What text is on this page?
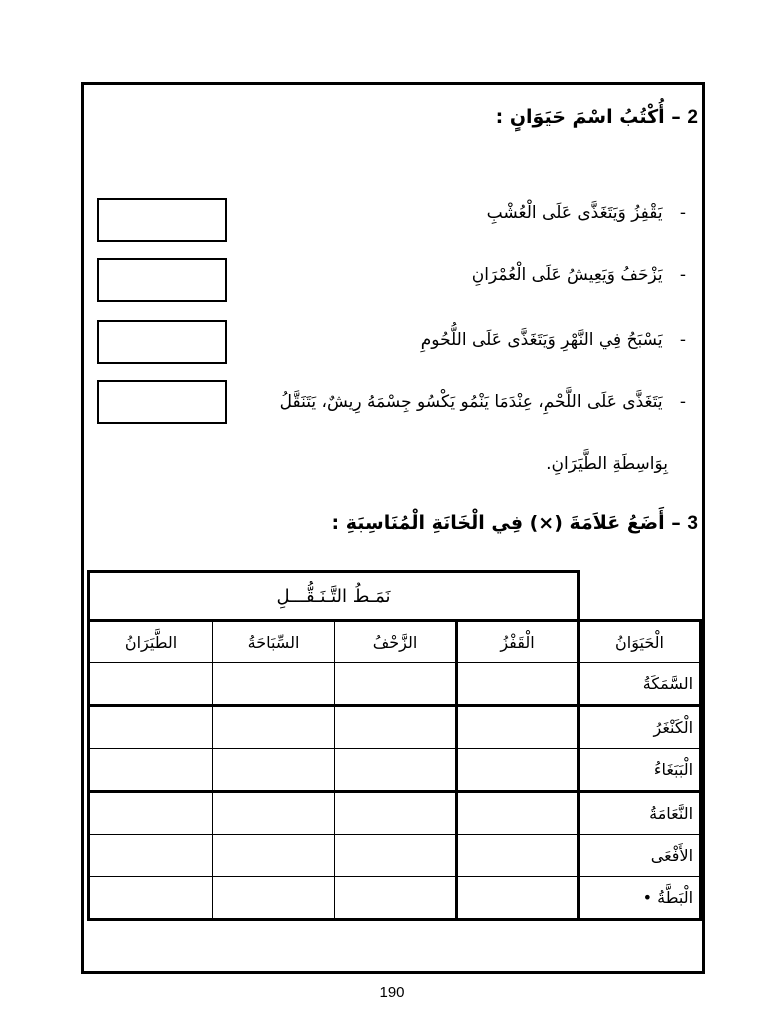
2 – أُكْتُبُ اسْمَ حَيَوَانٍ :
- يَقْفِزُ وَيَتَغَذَّى عَلَى الْعُشْبِ
- يَزْحَفُ وَيَعِيشُ عَلَى الْعُمْرَانِ
- يَسْبَحُ فِي النَّهْرِ وَيَتَغَذَّى عَلَى اللُّحُومِ
- يَتَغَذَّى عَلَى اللَّحْمِ، عِنْدَمَا يَنْمُو يَكْسُو جِسْمَهُ رِيشٌ، يَتَنَقَّلُ
بِوَاسِطَةِ الطَّيَرَانِ.
3 – أَضَعُ عَلاَمَةَ (×) فِي الْخَانَةِ الْمُنَاسِبَةِ :
	نَمَـطُ التَّـنَـقُّـــلِ			
الْحَيَوَانُ	الْقَفْزُ	الزَّحْفُ	السِّبَاحَةُ	الطَّيَرَانُ
السَّمَكَةُ				
الْكَنْغَرُ				
الْبَبَغَاءُ				
النَّعَامَةُ				
الأَفْعَى				
الْبَطَّةُ •				
190
